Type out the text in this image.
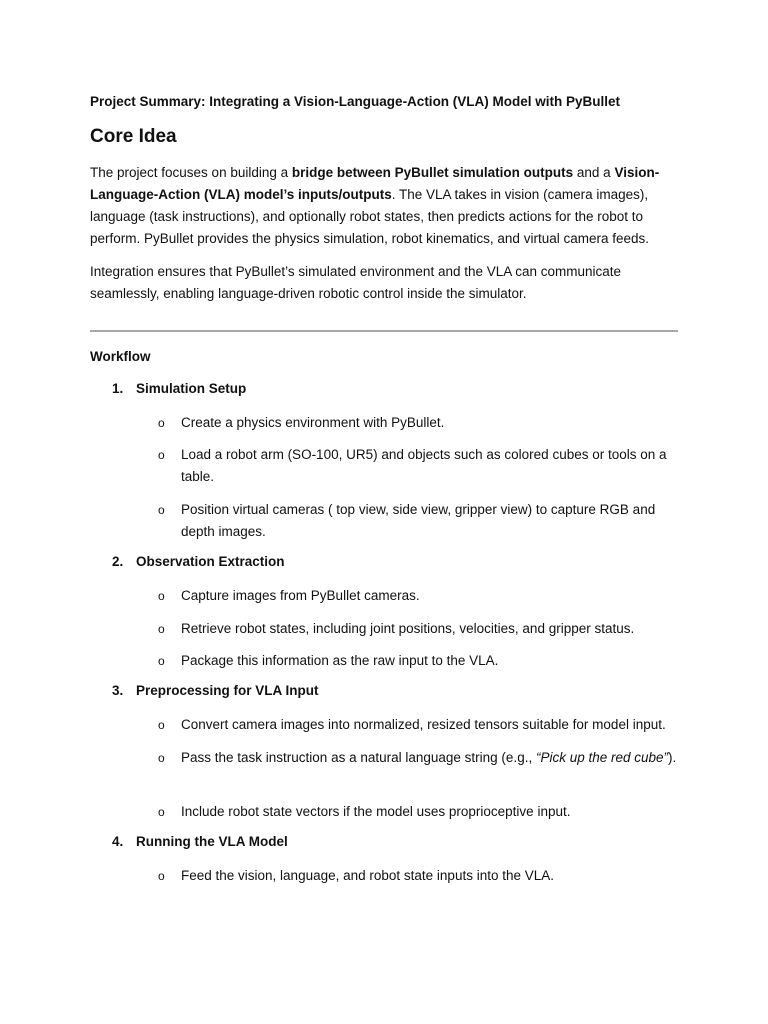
Project Summary: Integrating a Vision-Language-Action (VLA) Model with PyBullet
Core Idea

The project focuses on building a bridge between PyBullet simulation outputs and a Vision-Language-Action (VLA) model’s inputs/outputs. The VLA takes in vision (camera images), language (task instructions), and optionally robot states, then predicts actions for the robot to perform. PyBullet provides the physics simulation, robot kinematics, and virtual camera feeds.

Integration ensures that PyBullet’s simulated environment and the VLA can communicate seamlessly, enabling language-driven robotic control inside the simulator.

Workflow
1. Simulation Setup
o Create a physics environment with PyBullet.
o Load a robot arm (SO-100, UR5) and objects such as colored cubes or tools on a table.
o Position virtual cameras ( top view, side view, gripper view) to capture RGB and depth images.
2. Observation Extraction
o Capture images from PyBullet cameras.
o Retrieve robot states, including joint positions, velocities, and gripper status.
o Package this information as the raw input to the VLA.
3. Preprocessing for VLA Input
o Convert camera images into normalized, resized tensors suitable for model input.
o Pass the task instruction as a natural language string (e.g., “Pick up the red cube”).
o Include robot state vectors if the model uses proprioceptive input.
4. Running the VLA Model
o Feed the vision, language, and robot state inputs into the VLA.
